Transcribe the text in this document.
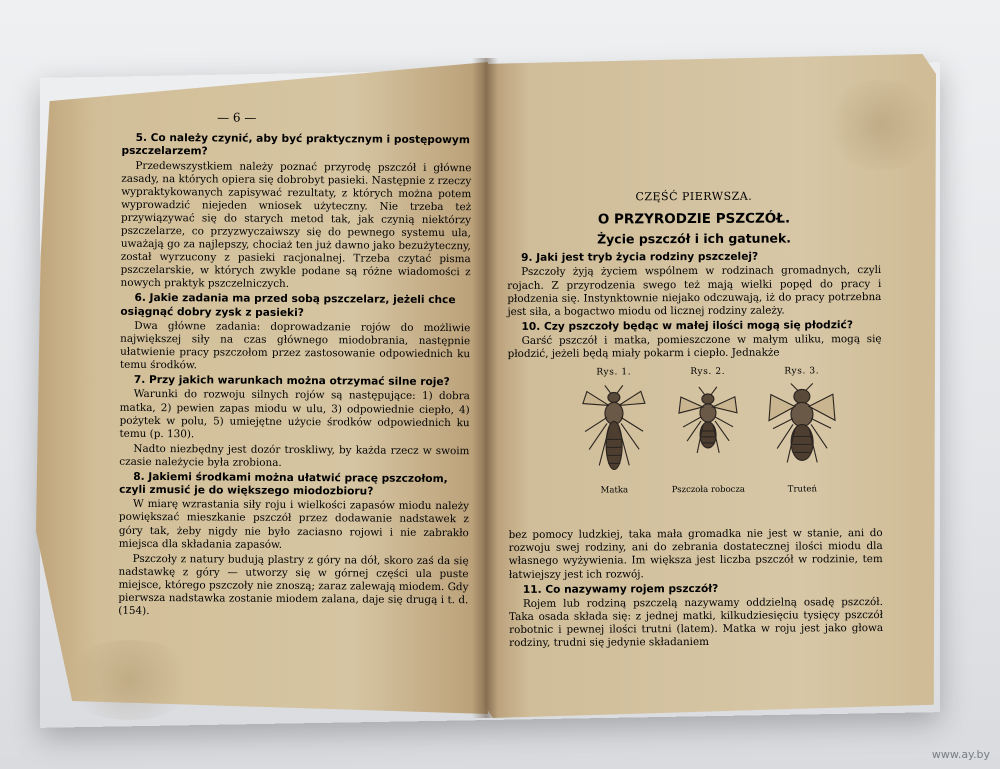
— 6 —
5. Co należy czynić, aby być praktycznym i postępowym pszczelarzem?
Przedewszystkiem należy poznać przyrodę pszczół i główne zasady, na których opiera się dobrobyt pasieki. Następnie z rzeczy wypraktykowanych zapisywać rezultaty, z których można potem wyprowadzić niejeden wniosek użyteczny. Nie trzeba też przywiązywać się do starych metod tak, jak czynią niektórzy pszczelarze, co przyzwyczaiwszy się do pewnego systemu ula, uważają go za najlepszy, chociaż ten już dawno jako bezużyteczny, został wyrzucony z pasieki racjonalnej. Trzeba czytać pisma pszczelarskie, w których zwykle podane są różne wiadomości z nowych praktyk pszczelniczych.
6. Jakie zadania ma przed sobą pszczelarz, jeżeli chce osiągnąć dobry zysk z pasieki?
Dwa główne zadania: doprowadzanie rojów do możliwie największej siły na czas głównego miodobrania, następnie ułatwienie pracy pszczołom przez zastosowanie odpowiednich ku temu środków.
7. Przy jakich warunkach można otrzymać silne roje?
Warunki do rozwoju silnych rojów są następujące: 1) dobra matka, 2) pewien zapas miodu w ulu, 3) odpowiednie ciepło, 4) pożytek w polu, 5) umiejętne użycie środków odpowiednich ku temu (p. 130).
Nadto niezbędny jest dozór troskliwy, by każda rzecz w swoim czasie należycie była zrobiona.
8. Jakiemi środkami można ułatwić pracę pszczołom, czyli zmusić je do większego miodozbioru?
W miarę wzrastania siły roju i wielkości zapasów miodu należy powiększać mieszkanie pszczół przez dodawanie nadstawek z góry tak, żeby nigdy nie było zaciasno rojowi i nie zabrakło miejsca dla składania zapasów.
Pszczoły z natury budują plastry z góry na dół, skoro zaś da się nadstawkę z góry — utworzy się w górnej części ula puste miejsce, którego pszczoły nie znoszą; zaraz zalewają miodem. Gdy pierwsza nadstawka zostanie miodem zalana, daje się drugą i t. d. (154).
CZĘŚĆ PIERWSZA.
O PRZYRODZIE PSZCZÓŁ.
Życie pszczół i ich gatunek.
9. Jaki jest tryb życia rodziny pszczelej?
Pszczoły żyją życiem wspólnem w rodzinach gromadnych, czyli rojach. Z przyrodzenia swego też mają wielki popęd do pracy i płodzenia się. Instynktownie niejako odczuwają, iż do pracy potrzebna jest siła, a bogactwo miodu od licznej rodziny zależy.
10. Czy pszczoły będąc w małej ilości mogą się płodzić?
Garść pszczół i matka, pomieszczone w małym uliku, mogą się płodzić, jeżeli będą miały pokarm i ciepło. Jednakże
Rys. 1.
Matka
Rys. 2.
Pszczoła robocza
Rys. 3.
Truteń
bez pomocy ludzkiej, taka mała gromadka nie jest w stanie, ani do rozwoju swej rodziny, ani do zebrania dostatecznej ilości miodu dla własnego wyżywienia. Im większa jest liczba pszczół w rodzinie, tem łatwiejszy jest ich rozwój.
11. Co nazywamy rojem pszczół?
Rojem lub rodziną pszczelą nazywamy oddzielną osadę pszczół. Taka osada składa się: z jednej matki, kilkudziesięciu tysięcy pszczół robotnic i pewnej ilości trutni (latem). Matka w roju jest jako głowa rodziny, trudni się jedynie składaniem
www.ay.by
